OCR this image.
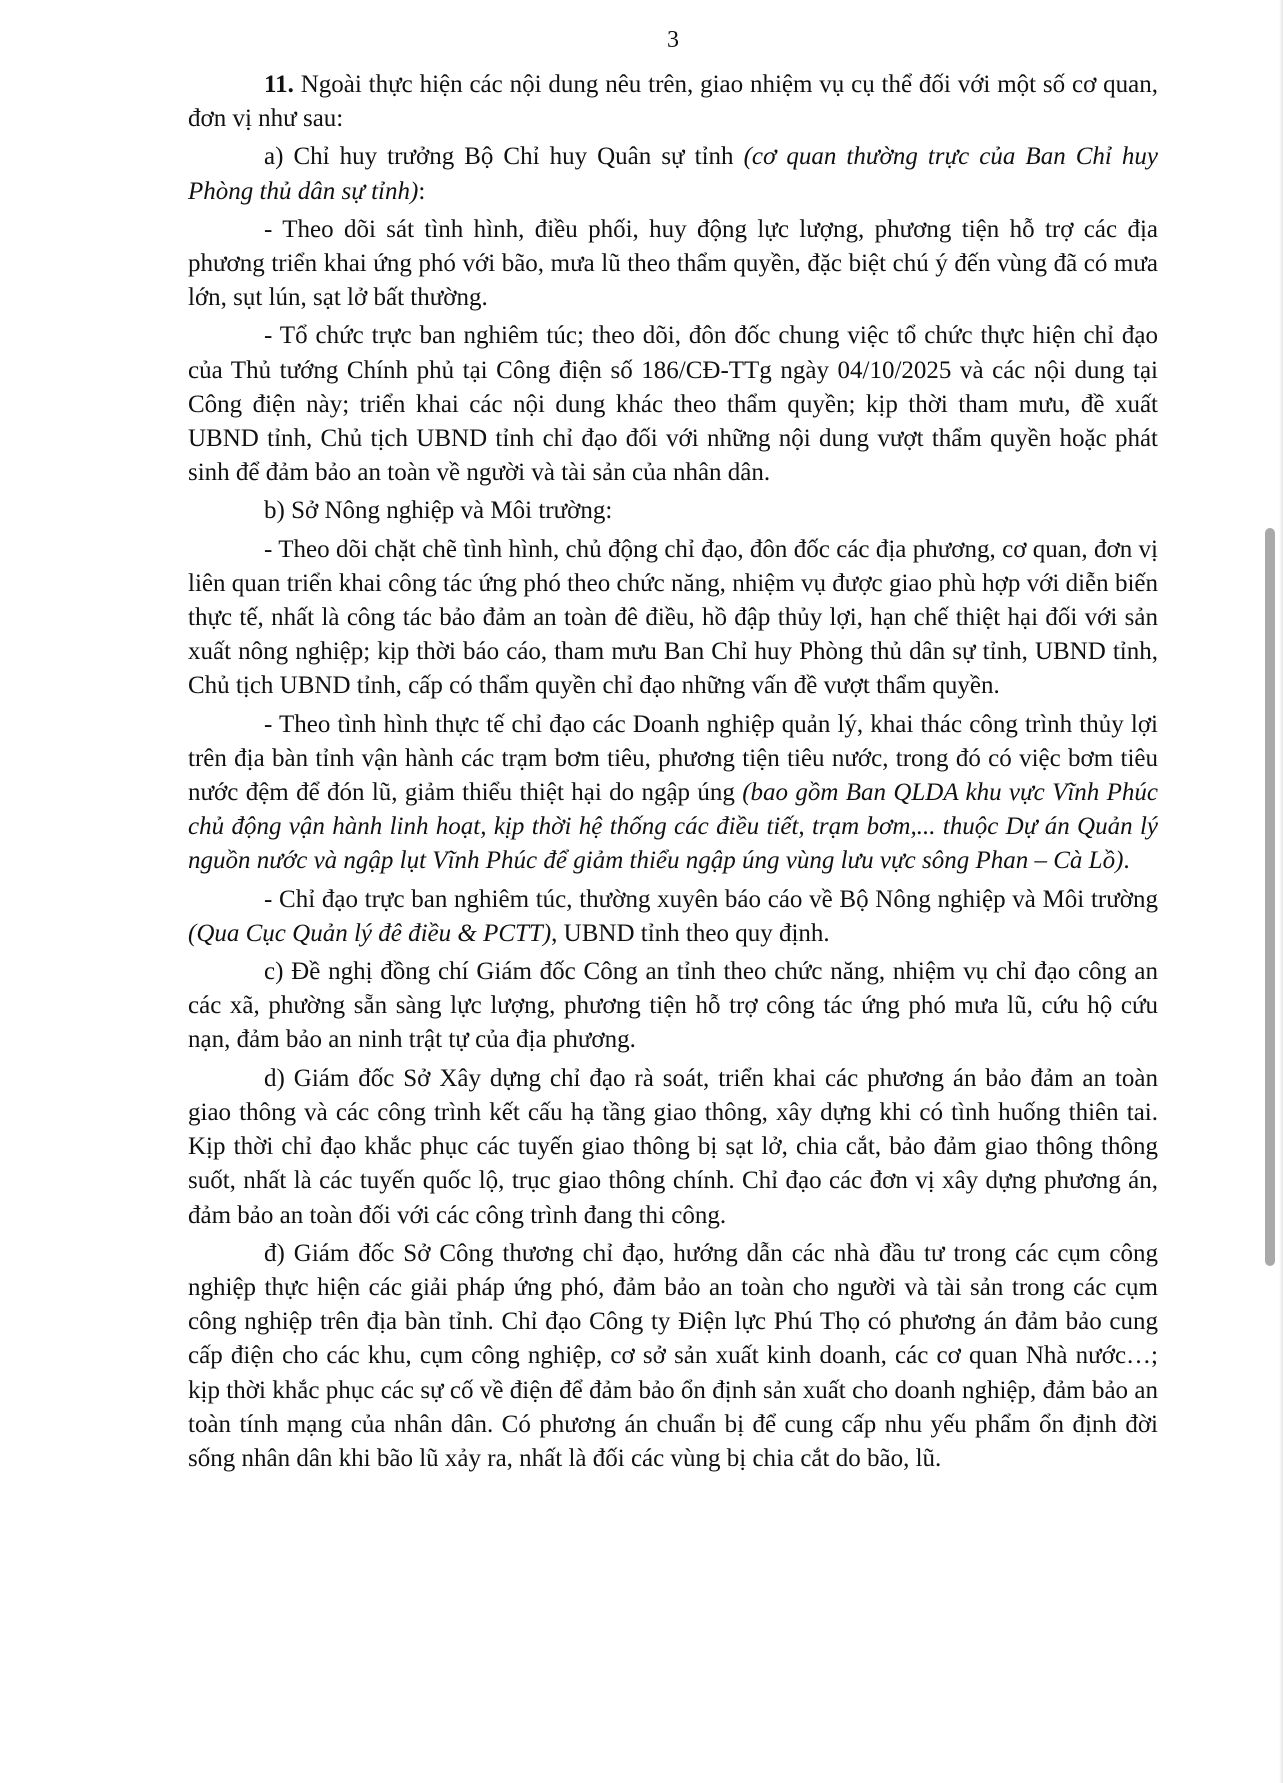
3

11. Ngoài thực hiện các nội dung nêu trên, giao nhiệm vụ cụ thể đối với một số cơ quan, đơn vị như sau:

a) Chỉ huy trưởng Bộ Chỉ huy Quân sự tỉnh (cơ quan thường trực của Ban Chỉ huy Phòng thủ dân sự tỉnh):

- Theo dõi sát tình hình, điều phối, huy động lực lượng, phương tiện hỗ trợ các địa phương triển khai ứng phó với bão, mưa lũ theo thẩm quyền, đặc biệt chú ý đến vùng đã có mưa lớn, sụt lún, sạt lở bất thường.

- Tổ chức trực ban nghiêm túc; theo dõi, đôn đốc chung việc tổ chức thực hiện chỉ đạo của Thủ tướng Chính phủ tại Công điện số 186/CĐ-TTg ngày 04/10/2025 và các nội dung tại Công điện này; triển khai các nội dung khác theo thẩm quyền; kịp thời tham mưu, đề xuất UBND tỉnh, Chủ tịch UBND tỉnh chỉ đạo đối với những nội dung vượt thẩm quyền hoặc phát sinh để đảm bảo an toàn về người và tài sản của nhân dân.

b) Sở Nông nghiệp và Môi trường:

- Theo dõi chặt chẽ tình hình, chủ động chỉ đạo, đôn đốc các địa phương, cơ quan, đơn vị liên quan triển khai công tác ứng phó theo chức năng, nhiệm vụ được giao phù hợp với diễn biến thực tế, nhất là công tác bảo đảm an toàn đê điều, hồ đập thủy lợi, hạn chế thiệt hại đối với sản xuất nông nghiệp; kịp thời báo cáo, tham mưu Ban Chỉ huy Phòng thủ dân sự tỉnh, UBND tỉnh, Chủ tịch UBND tỉnh, cấp có thẩm quyền chỉ đạo những vấn đề vượt thẩm quyền.

- Theo tình hình thực tế chỉ đạo các Doanh nghiệp quản lý, khai thác công trình thủy lợi trên địa bàn tỉnh vận hành các trạm bơm tiêu, phương tiện tiêu nước, trong đó có việc bơm tiêu nước đệm để đón lũ, giảm thiểu thiệt hại do ngập úng (bao gồm Ban QLDA khu vực Vĩnh Phúc chủ động vận hành linh hoạt, kịp thời hệ thống các điều tiết, trạm bơm,... thuộc Dự án Quản lý nguồn nước và ngập lụt Vĩnh Phúc để giảm thiểu ngập úng vùng lưu vực sông Phan – Cà Lồ).

- Chỉ đạo trực ban nghiêm túc, thường xuyên báo cáo về Bộ Nông nghiệp và Môi trường (Qua Cục Quản lý đê điều & PCTT), UBND tỉnh theo quy định.

c) Đề nghị đồng chí Giám đốc Công an tỉnh theo chức năng, nhiệm vụ chỉ đạo công an các xã, phường sẵn sàng lực lượng, phương tiện hỗ trợ công tác ứng phó mưa lũ, cứu hộ cứu nạn, đảm bảo an ninh trật tự của địa phương.

d) Giám đốc Sở Xây dựng chỉ đạo rà soát, triển khai các phương án bảo đảm an toàn giao thông và các công trình kết cấu hạ tầng giao thông, xây dựng khi có tình huống thiên tai. Kịp thời chỉ đạo khắc phục các tuyến giao thông bị sạt lở, chia cắt, bảo đảm giao thông thông suốt, nhất là các tuyến quốc lộ, trục giao thông chính. Chỉ đạo các đơn vị xây dựng phương án, đảm bảo an toàn đối với các công trình đang thi công.

đ) Giám đốc Sở Công thương chỉ đạo, hướng dẫn các nhà đầu tư trong các cụm công nghiệp thực hiện các giải pháp ứng phó, đảm bảo an toàn cho người và tài sản trong các cụm công nghiệp trên địa bàn tỉnh. Chỉ đạo Công ty Điện lực Phú Thọ có phương án đảm bảo cung cấp điện cho các khu, cụm công nghiệp, cơ sở sản xuất kinh doanh, các cơ quan Nhà nước…; kịp thời khắc phục các sự cố về điện để đảm bảo ổn định sản xuất cho doanh nghiệp, đảm bảo an toàn tính mạng của nhân dân. Có phương án chuẩn bị để cung cấp nhu yếu phẩm ổn định đời sống nhân dân khi bão lũ xảy ra, nhất là đối các vùng bị chia cắt do bão, lũ.
